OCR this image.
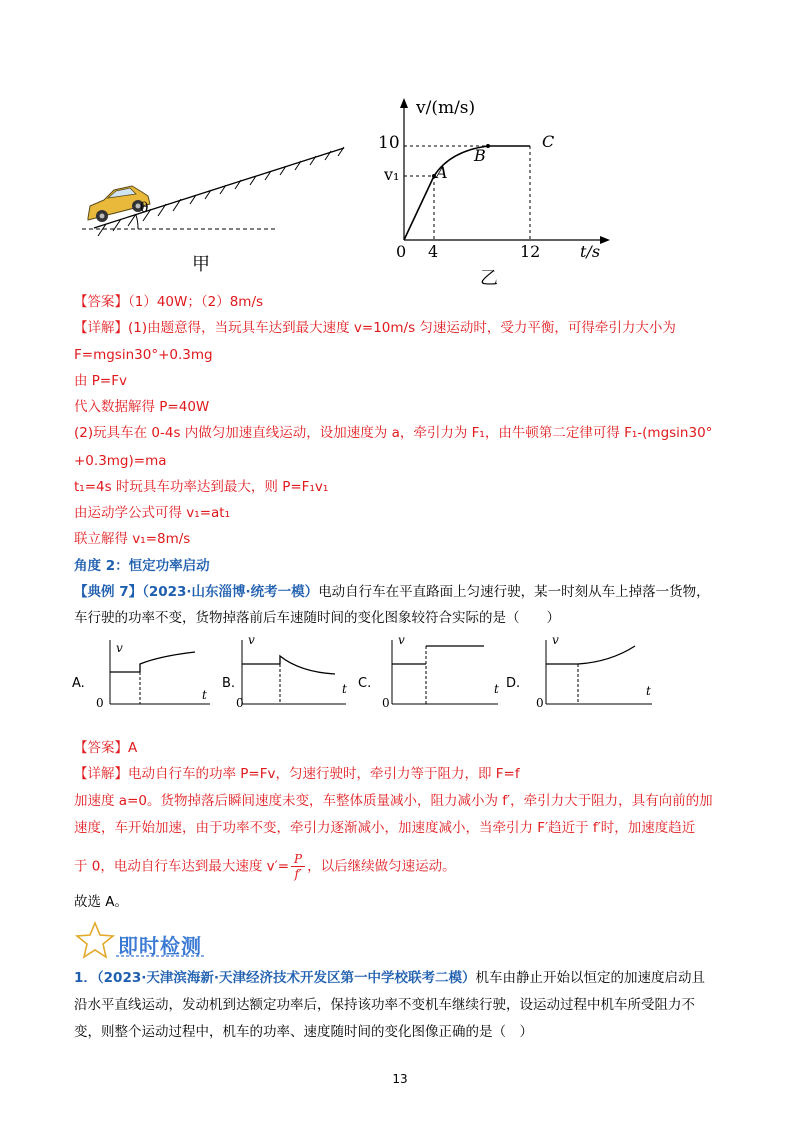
θ
甲
v/(m/s)
10
v₁ A
B
C
0 4	12 t/s
乙
【答案】（1）40W；（2）8m/s
【详解】(1)由题意得，当玩具车达到最大速度 v=10m/s 匀速运动时，受力平衡，可得牵引力大小为
F=mgsin30°+0.3mg
由 P=Fv
代入数据解得 P=40W
(2)玩具车在 0-4s 内做匀加速直线运动，设加速度为 a，牵引力为 F₁，由牛顿第二定律可得 F₁-(mgsin30°
+0.3mg)=ma
t₁=4s 时玩具车功率达到最大，则 P=F₁v₁
由运动学公式可得 v₁=at₁
联立解得 v₁=8m/s
角度 2：恒定功率启动
【典例 7】（2023·山东淄博·统考一模）电动自行车在平直路面上匀速行驶，某一时刻从车上掉落一货物，
车行驶的功率不变，货物掉落前后车速随时间的变化图象较符合实际的是（　　）
v
v	v	v
t	t	t	t
0	0	0	0
A.	B.	C.	D.
【答案】A
【详解】电动自行车的功率 P=Fv，匀速行驶时，牵引力等于阻力，即 F=f
加速度 a=0。货物掉落后瞬间速度未变，车整体质量减小，阻力减小为 f′，牵引力大于阻力，具有向前的加
速度，车开始加速，由于功率不变，牵引力逐渐减小，加速度减小，当牵引力 F′趋近于 f′时，加速度趋近
于 0，电动自行车达到最大速度 $v'= \frac{P}{f'}$ ，以后继续做匀速运动。
故选 A。
即时检测
1．（2023·天津滨海新·天津经济技术开发区第一中学校联考二模）机车由静止开始以恒定的加速度启动且
沿水平直线运动，发动机到达额定功率后，保持该功率不变机车继续行驶，设运动过程中机车所受阻力不
变，则整个运动过程中，机车的功率、速度随时间的变化图像正确的是（　）
13
